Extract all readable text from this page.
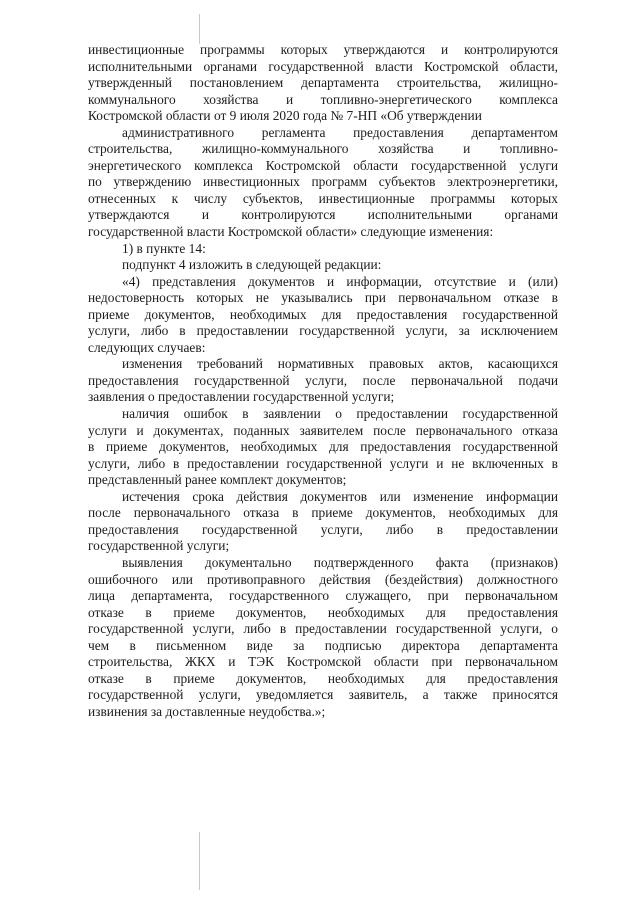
инвестиционные программы которых утверждаются и контролируются
исполнительными органами государственной власти Костромской области,
утвержденный постановлением департамента строительства, жилищно-
коммунального хозяйства и топливно-энергетического комплекса
Костромской области от 9 июля 2020 года № 7-НП «Об утверждении
административного регламента предоставления департаментом
строительства, жилищно-коммунального хозяйства и топливно-
энергетического комплекса Костромской области государственной услуги
по утверждению инвестиционных программ субъектов электроэнергетики,
отнесенных к числу субъектов, инвестиционные программы которых
утверждаются и контролируются исполнительными органами
государственной власти Костромской области» следующие изменения:
1) в пункте 14:
подпункт 4 изложить в следующей редакции:
«4) представления документов и информации, отсутствие и (или)
недостоверность которых не указывались при первоначальном отказе в
приеме документов, необходимых для предоставления государственной
услуги, либо в предоставлении государственной услуги, за исключением
следующих случаев:
изменения требований нормативных правовых актов, касающихся
предоставления государственной услуги, после первоначальной подачи
заявления о предоставлении государственной услуги;
наличия ошибок в заявлении о предоставлении государственной
услуги и документах, поданных заявителем после первоначального отказа
в приеме документов, необходимых для предоставления государственной
услуги, либо в предоставлении государственной услуги и не включенных в
представленный ранее комплект документов;
истечения срока действия документов или изменение информации
после первоначального отказа в приеме документов, необходимых для
предоставления государственной услуги, либо в предоставлении
государственной услуги;
выявления документально подтвержденного факта (признаков)
ошибочного или противоправного действия (бездействия) должностного
лица департамента, государственного служащего, при первоначальном
отказе в приеме документов, необходимых для предоставления
государственной услуги, либо в предоставлении государственной услуги, о
чем в письменном виде за подписью директора департамента
строительства, ЖКХ и ТЭК Костромской области при первоначальном
отказе в приеме документов, необходимых для предоставления
государственной услуги, уведомляется заявитель, а также приносятся
извинения за доставленные неудобства.»;
